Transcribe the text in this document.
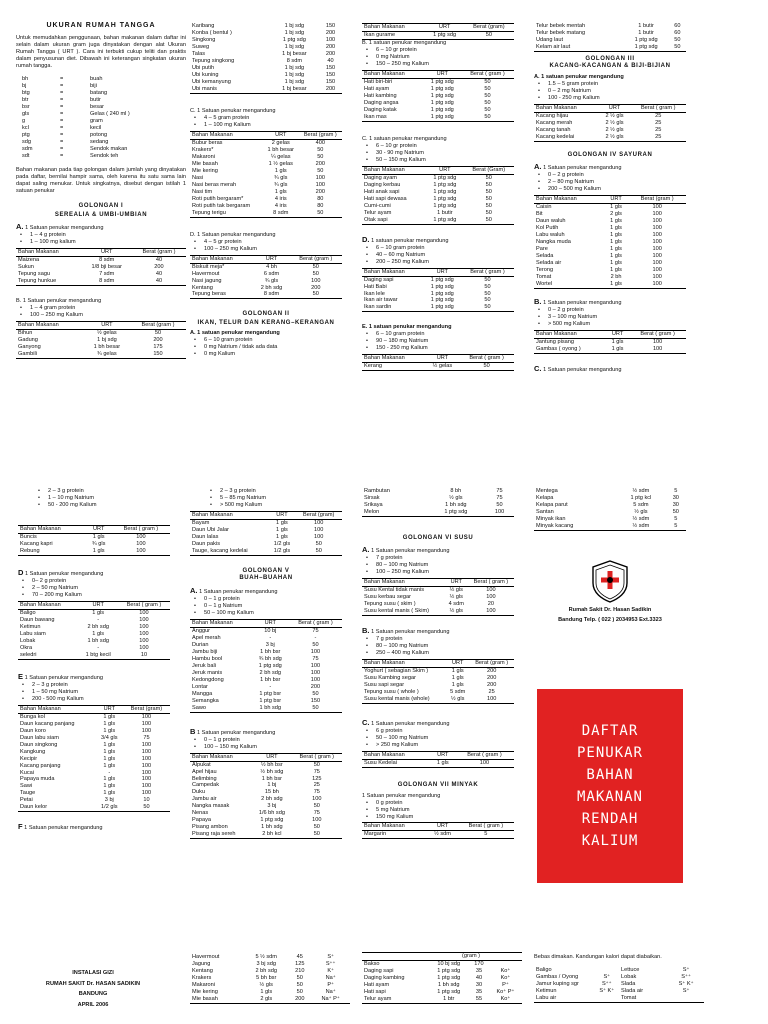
UKURAN RUMAH TANGGA
Untuk memudahkan penggunaan, bahan makanan dalam daftar ini selain dalam ukuran gram juga dinyatakan dengan alat Ukuran Rumah Tangga ( URT ). Cara ini terbukti cukup teliti dan praktis dalam penyusunan diet. Dibawah ini keterangan singkatan ukuran rumah tangga.
bh	=	buah
bj	=	biji
btg	=	batang
btr	=	butir
bsr	=	besar
gls	=	Gelas ( 240 ml )
g	=	gram
kcl	=	kecil
ptg	=	potong
sdg	=	sedang
sdm	=	Sendok makan
sdt	=	Sendok teh
Bahan makanan pada tiap golongan dalam jumlah yang dinyatakan pada daftar, bernilai hampir sama, oleh karena itu satu sama lain dapat saling menukar. Untuk singkatnya, disebut dengan istilah 1 satuan penukar
GOLONGAN I
SEREALIA & UMBI-UMBIAN
A. 1 Satuan penukar mengandung
• 1 – 4 g protein
• 1 – 100 mg kalium
Bahan Makanan	URT	Berat (gram )
Maizena	8 sdm	40
Sukun	1/8 bji besar	200
Tepung sagu	7 sdm	40
Tepung hunkue	8 sdm	40
B. 1 Satuan penukar mengandung
• 1 – 4 gram protein
• 100 – 250 mg Kalium
Bahan Makanan	URT	Berat (gram )
Bihun	½ gelas	50
Gadung	1 bj sdg	200
Ganyong	1 bh besar	175
Gambili	¾ gelas	150
Karibang	1 bj sdg	150
Konba ( bentul )	1 bj sdg	200
Singkong	1 ptg sdg	100
Suweg	1 bj sdg	200
Talas	1 bj besar	200
Tepung singkong	8 sdm	40
Ubi putih	1 bj sdg	150
Ubi kuning	1 bj sdg	150
Ubi kemanyung	1 bj sdg	150
Ubi manis	1 bj besar	200
C. 1 Satuan penukar mengandung
• 4 – 5 gram protein
• 1 – 100 mg Kalium
Bahan Makanan	URT	Berat (gram )
Bubur beras	2 gelas	400
Krakers*	1 bh besar	50
Makaroni	¼ gelas	50
Mie basah	1 ½ gelas	200
Mie kering	1 gls	50
Nasi	¾ gls	100
Nasi beras merah	¾ gls	100
Nasi tim	1 gls	200
Roti putih bergaram*	4 iris	80
Roti putih tak bergaram	4 iris	80
Tepung terigu	8 sdm	50
D. 1 Satuan penukar mengandung
• 4 – 5 gr protein
• 100 – 250 mg Kalium
Bahan Makanan	URT	Berat (gram )
Biskuit meja*	4 bh	50
Havermout	6 sdm	50
Nasi jagung	¾ gls	100
Kentang	2 bh sdg	200
Tepung beras	8 sdm	50
GOLONGAN II
IKAN, TELUR DAN KERANG–KERANGAN
A. 1 satuan penukar mengandung
• 6 – 10 gram protein
• 0 mg Natrium / tidak ada data
• 0 mg Kalium
Bahan Makanan	URT	Berat (gram)
Ikan gurame	1 ptg sdg	50
B. 1 satuan penukar mengandung
• 6 – 10 gr protein
• 0 mg Natrium
• 150 – 250 mg Kalium
Bahan Makanan	URT	Berat ( gram )
Hati biri-biri	1 ptg sdg	50
Hati ayam	1 ptg sdg	50
Hati kambing	1 ptg sdg	50
Daging angsa	1 ptg sdg	50
Daging katak	1 ptg sdg	50
Ikan mas	1 ptg sdg	50
C. 1 satuan penukar mengandung
• 6 – 10 gr protein
• 30 - 90 mg Natrium
• 50 – 150 mg Kalium
Bahan Makanan	URT	Berat (Gram)
Daging ayam	1 ptg sdg	50
Daging kerbau	1 ptg sdg	50
Hati anak sapi	1 ptg sdg	50
Hati sapi dewasa	1 ptg sdg	50
Cumi-cumi	1 ptg sdg	50
Telur ayam	1 butir	50
Otak sapi	1 ptg sdg	50
D. 1 satuan penukar mengandung
• 6 – 10 gram protein
• 40 – 60 mg Natrium
• 200 – 250 mg Kalium
Bahan Makanan	URT	Berat ( gram )
Daging sapi	1 ptg sdg	50
Hati Babi	1 ptg sdg	50
Ikan lele	1 ptg sdg	50
Ikan air tawar	1 ptg sdg	50
Ikan sardin	1 ptg sdg	50
E. 1 satuan penukar mengandung
• 6 – 10 gram protein
• 90 – 180 mg Natrium
• 150 - 250 mg Kalium
Bahan Makanan	URT	Berat ( gram )
Kerang	½ gelas	50
Telur bebek mentah	1 butir	60
Telur bebek matang	1 butir	60
Udang laut	1 ptg sdg	50
Kelam air laut	1 ptg sdg	50
GOLONGAN III
KACANG-KACANGAN & BIJI-BIJIAN
A. 1 satuan penukar mengandung
• 1.5 – 5 gram protein
• 0 – 2 mg Natrium
• 100 - 250 mg Kalium
Bahan Makanan	URT	Berat ( gram )
Kacang hijau	2 ½ gls	25
Kacang merah	2 ½ gls	25
Kacang tanah	2 ½ gls	25
Kacang kedelai	2 ½ gls	25
GOLONGAN IV SAYURAN
A. 1 Satuan penukar mengandung
• 0 – 2 g protein
• 2 – 80 mg Natrium
• 200 – 500 mg Kalium
Bahan Makanan	URT	Berat (gram )
Caisin	1 gls	100
Bit	2 gls	100
Daun waluh	1 gls	100
Kol Putih	1 gls	100
Labu waluh	1 gls	100
Nangka muda	1 gls	100
Pare	1 gls	100
Selada	1 gls	100
Selada air	1 gls	100
Terong	1 gls	100
Tomat	2 bh	100
Wortel	1 gls	100
B. 1 Satuan penukar mengandung
• 0 – 2 g protein
• 3 – 100 mg Natrium
• > 500 mg Kalium
Bahan Makanan	URT	Berat ( gram )
Jantung pisang	1 gls	100
Gambas ( oyong )	1 gls	100
C. 1 Satuan penukar mengandung
• 2 – 3 g protein
• 1 – 10 mg Natrium
• 50 - 200 mg Kalium
Bahan Makanan	URT	Berat ( gram )
Buncis	1 gls	100
Kacang kapri	¾ gls	100
Rebung	1 gls	100
D 1 Satuan penukar mengandung
• 0– 2 g protein
• 2 – 50 mg Natrium
• 70 – 200 mg Kalium
Bahan Makanan	URT	Berat ( gram )
Baligo	1 gls	100
Daun bawang	-	100
Ketimun	2 bh sdg	100
Labu siam	1 gls	100
Lobak	1 bh sdg	100
Okra	-	100
seledri	1 btg kecil	10
E 1 Satuan penukar mengandung
• 2 – 3 g protein
• 1 – 50 mg Natrium
• 200 - 500 mg Kalium
Bahan Makanan	URT	Berat (gram)
Bunga kol	1 gls	100
Daun kacang panjang	1 gls	100
Daun koro	1 gls	100
Daun labu siam	3/4 gls	75
Daun singkong	1 gls	100
Kangkung	1 gls	100
Kecipir	1 gls	100
Kacang panjang	1 gls	100
Kucai	-	100
Papaya muda	1 gls	100
Sawi	1 gls	100
Tauge	1 gls	100
Petai	3 bj	10
Daun kelor	1/2 gls	50
F 1 Satuan penukar mengandung
• 2 – 3 g protein
• 5 – 85 mg Natrium
• > 500 mg Kalium
Bahan Makanan	URT	Berat (gram)
Bayam	1 gls	100
Daun Ubi Jalar	1 gls	100
Daun lalas	1 gls	100
Daun pakis	1/2 gls	50
Tauge, kacang kedelai	1/2 gls	50
GOLONGAN V
BUAH–BUAHAN
A. 1 Satuan penukar mengandung
• 0 – 1 g protein
• 0 – 1 g Natrium
• 50 – 100 mg Kalium
Bahan Makanan	URT	Berat ( gram )
Anggur	10 bj	75
Apel merah	-	-
Durian	3 bj	50
Jambu biji	1 bh bsr	100
Hambu bool	¾ bh sdg	75
Jeruk bali	1 ptg sdg	100
Jeruk manis	2 bh sdg	100
Kedongdong	1 bh bsr	100
Lontar	-	200
Mangga	1 ptg bsr	50
Semangka	1 ptg bsr	150
Sawo	1 bh sdg	50
B 1 Satuan penukar mengandung
• 0 – 1 g protein
• 100 – 150 mg Kalium
Bahan Makanan	URT	Berat ( gram )
Alpukat	½ bh bsr	50
Apel hijau	½ bh sdg	75
Belimbing	1 bh bsr	125
Campedak	1 bj	25
Duku	15 bh	75
Jambu air	2 bh sdg	100
Nangka masak	3 bj	50
Nenas	1/6 bh sdg	75
Papaya	1 ptg sdg	100
Pisang ambon	1 bh sdg	50
Pisang raja sereh	2 bh kcl	50
Rambutan	8 bh	75
Sirsak	½ gls	75
Srikaya	1 bh sdg	50
Melon	1 ptg sdg	100
GOLONGAN VI SUSU
A. 1 Satuan penukar mengandung
• 7 g protein
• 80 – 100 mg Natrium
• 100 – 250 mg Kalium
Bahan Makanan	URT	Berat ( gram )
Susu Kental tidak manis	½ gls	100
Susu kerbau segar	½ gls	100
Tepung susu ( skim )	4 sdm	20
Susu kental manis ( Skim)	½ gls	100
B. 1 Satuan penukar mengandung
• 7 g protein
• 80 – 100 mg Natrium
• 250 – 400 mg Kalium
Bahan Makanan	URT	Berat (gram )
Yoghurt ( sebagian Skim )	1 gls	200
Susu Kambing segar	1 gls	200
Susu sapi segar	1 gls	200
Tepung susu ( whole )	5 sdm	25
Susu kental manis (whole)	½ gls	100
C. 1 Satuan penukar mengandung
• 6 g protein
• 50 – 100 mg Natrium
• > 250 mg Kalium
Bahan Makanan	URT	Berat ( gram )
Susu Kedelai	1 gls	100
GOLONGAN VII MINYAK
1 Satuan penukar mengandung
• 0 g protein
• 5 mg Natrium
• 150 mg Kalium
Bahan Makanan	URT	Berat ( gram )
Margarin	½ sdm	5
Mentega	½ sdm	5
Kelapa	1 ptg kcl	30
Kelapa parut	5 sdm	30
Santan	½ gls	50
Minyak ikan	½ sdm	5
Minyak kacang	½ sdm	5
Rumah Sakit Dr. Hasan Sadikin
Bandung Telp. ( 022 ) 2034953 Ext.3323
DAFTAR
PENUKAR
BAHAN
MAKANAN
RENDAH
KALIUM
INSTALASI GIZI
RUMAH SAKIT Dr. HASAN SADIKIN
BANDUNG
APRIL 2006
Havermout	5 ½ sdm	45	S⁺
Jagung	3 bj sdg	125	S⁺⁺
Kentang	2 bh sdg	210	K⁺
Krakers	5 bh bsr	50	Na⁺
Makaroni	½ gls	50	P⁺
Mie kering	1 gls	50	Na⁺
Mie basah	2 gls	200	Na⁺ P⁺
(gram )
Bakso	10 bj sdg	170	
Daging sapi	1 ptg sdg	35	Ko⁺
Daging kambing	1 ptg sdg	40	Ko⁺
Hati ayam	1 bh sdg	30	P⁺
Hati sapi	1 ptg sdg	35	Ko⁺ P⁺
Telur ayam	1 btr	55	Ko⁺
Bebas dimakan. Kandungan kalori dapat diabaikan.
Baligo	
Gambas / Oyong	S⁺
Jamur kuping sgr	S⁺⁺
Ketimun	S⁺ K⁺
Labu air	
Lettuce	S⁺
Lobak	S⁺⁺
Slada	S⁺ K⁺
Slada air	S⁺
Tomat	
